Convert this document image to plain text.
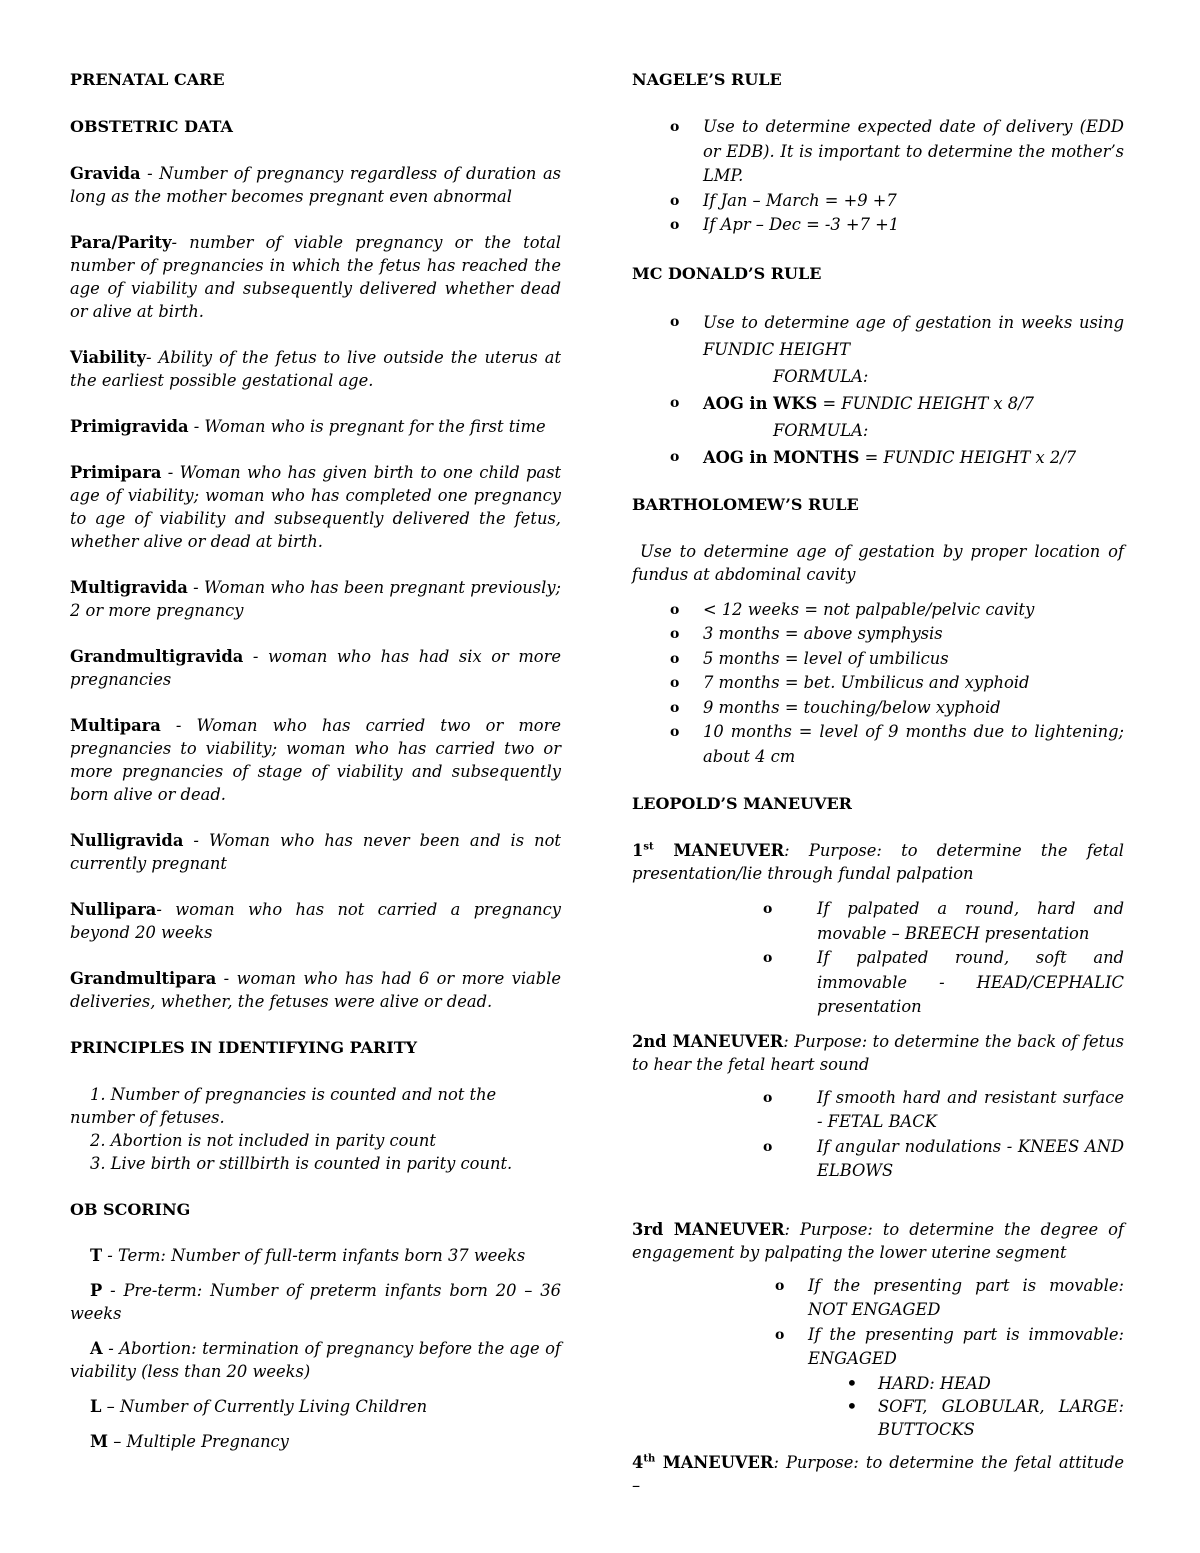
PRENATAL CARE

OBSTETRIC DATA

Gravida - Number of pregnancy regardless of duration as long as the mother becomes pregnant even abnormal

Para/Parity- number of viable pregnancy or the total number of pregnancies in which the fetus has reached the age of viability and subsequently delivered whether dead or alive at birth.

Viability- Ability of the fetus to live outside the uterus at the earliest possible gestational age.

Primigravida - Woman who is pregnant for the first time

Primipara - Woman who has given birth to one child past age of viability; woman who has completed one pregnancy to age of viability and subsequently delivered the fetus, whether alive or dead at birth.

Multigravida - Woman who has been pregnant previously; 2 or more pregnancy

Grandmultigravida - woman who has had six or more pregnancies

Multipara - Woman who has carried two or more pregnancies to viability; woman who has carried two or more pregnancies of stage of viability and subsequently born alive or dead.

Nulligravida - Woman who has never been and is not currently pregnant

Nullipara- woman who has not carried a pregnancy beyond 20 weeks

Grandmultipara - woman who has had 6 or more viable deliveries, whether, the fetuses were alive or dead.

PRINCIPLES IN IDENTIFYING PARITY

1. Number of pregnancies is counted and not the number of fetuses.

2. Abortion is not included in parity count

3. Live birth or stillbirth is counted in parity count.

OB SCORING

T - Term: Number of full-term infants born 37 weeks

P - Pre-term: Number of preterm infants born 20 – 36 weeks

A - Abortion: termination of pregnancy before the age of viability (less than 20 weeks)

L – Number of Currently Living Children

M – Multiple Pregnancy

NAGELE’S RULE

o Use to determine expected date of delivery (EDD or EDB). It is important to determine the mother’s LMP.
o If Jan – March = +9 +7
o If Apr – Dec = -3 +7 +1

MC DONALD’S RULE

o Use to determine age of gestation in weeks using FUNDIC HEIGHT
FORMULA:
o AOG in WKS = FUNDIC HEIGHT x 8/7
FORMULA:
o AOG in MONTHS = FUNDIC HEIGHT x 2/7

BARTHOLOMEW’S RULE

Use to determine age of gestation by proper location of fundus at abdominal cavity

o < 12 weeks = not palpable/pelvic cavity
o 3 months = above symphysis
o 5 months = level of umbilicus
o 7 months = bet. Umbilicus and xyphoid
o 9 months = touching/below xyphoid
o 10 months = level of 9 months due to lightening; about 4 cm

LEOPOLD’S MANEUVER

1st MANEUVER: Purpose: to determine the fetal presentation/lie through fundal palpation

o If palpated a round, hard and movable – BREECH presentation
o If palpated round, soft and immovable - HEAD/CEPHALIC presentation

2nd MANEUVER: Purpose: to determine the back of fetus to hear the fetal heart sound

o If smooth hard and resistant surface - FETAL BACK
o If angular nodulations - KNEES AND ELBOWS

3rd MANEUVER: Purpose: to determine the degree of engagement by palpating the lower uterine segment

o If the presenting part is movable: NOT ENGAGED
o If the presenting part is immovable: ENGAGED
• HARD: HEAD
• SOFT, GLOBULAR, LARGE: BUTTOCKS

4th MANEUVER: Purpose: to determine the fetal attitude –
